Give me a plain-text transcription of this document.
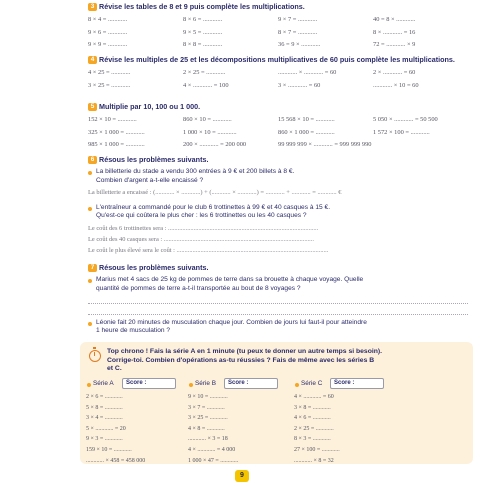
3 Révise les tables de 8 et 9 puis complète les multiplications.
8 × 4 = ............	8 × 6 = ............	9 × 7 = ............	40 = 8 × ............
9 × 6 = ............	9 × 5 = ............	8 × 7 = ............	8 × ............ = 16
9 × 9 = ............	8 × 8 = ............	36 = 9 × ............	72 = ............ × 9
4 Révise les multiples de 25 et les décompositions multiplicatives de 60 puis complète les multiplications.
4 × 25 = ............	2 × 25 = ............	............ × ............ = 60	2 × ............ = 60
3 × 25 = ............	4 × ............ = 100	3 × ............ = 60	............ × 10 = 60
5 Multiplie par 10, 100 ou 1 000.
152 × 10 = ............	860 × 10 = ............	15 568 × 10 = ............	5 050 × ............ = 50 500
325 × 1 000 = ............	1 000 × 10 = ............	860 × 1 000 = ............	1 572 × 100 = ............
985 × 1 000 = ............	200 × ............ = 200 000	99 999 999 × ............ = 999 999 990
6 Résous les problèmes suivants.
La billetterie du stade a vendu 300 entrées à 9 € et 200 billets à 8 €.
Combien d'argent a-t-elle encaissé ?
La billetterie a encaissé : (............ × ............) + (............ × ............) = ............ + ............ = ............ €
L'entraîneur a commandé pour le club 6 trottinettes à 99 € et 40 casques à 15 €.
Qu'est-ce qui coûtera le plus cher : les 6 trottinettes ou les 40 casques ?
Le coût des 6 trottinettes sera : ..............................................................................................
Le coût des 40 casques sera : ..............................................................................................
Le coût le plus élevé sera le coût : ...............................................................................................
7 Résous les problèmes suivants.
Marius met 4 sacs de 25 kg de pommes de terre dans sa brouette à chaque voyage. Quelle
quantité de pommes de terre a-t-il transportée au bout de 8 voyages ?
Léonie fait 20 minutes de musculation chaque jour. Combien de jours lui faut-il pour atteindre
1 heure de musculation ?
Top chrono ! Fais la série A en 1 minute (tu peux te donner un autre temps si besoin).
Corrige-toi. Combien d'opérations as-tu réussies ? Fais de même avec les séries B
et C.
Série A	Score :
2 × 6 = ............
5 × 8 = ............
3 × 4 = ............
5 × ............ = 20
9 × 3 = ............
159 × 10 = ............
............ × 458 = 458 000
Série B	Score :
9 × 10 = ............
3 × 7 = ............
3 × 25 = ............
4 × 8 = ............
............ × 3 = 18
4 × ............ = 4 000
1 000 × 47 = ............
Série C	Score :
4 × ............ = 60
3 × 8 = ............
4 × 6 = ............
2 × 25 = ............
8 × 3 = ............
27 × 100 = ............
............ × 8 = 32
9
